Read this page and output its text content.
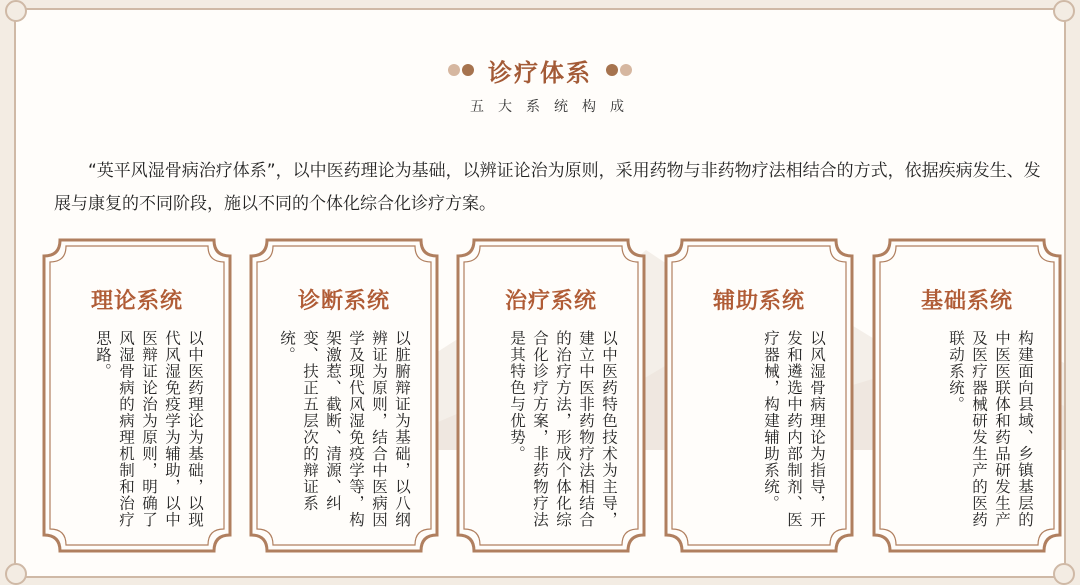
诊疗体系
五大系统构成
“英平风湿骨病治疗体系”，以中医药理论为基础，以辨证论治为原则，采用药物与非药物疗法相结合的方式，依据疾病发生、发展与康复的不同阶段，施以不同的个体化综合化诊疗方案。
理论系统
以中医药理论为基础，以现代风湿免疫学为辅助，以中医辩证论治为原则，明确了风湿骨病的病理机制和治疗思路。
诊断系统
以脏腑辩证为基础，以八纲辨证为原则，结合中医病因学及现代风湿免疫学等，构架激惹、截断、清源、纠变、扶正五层次的辩证系统。
治疗系统
以中医药特色技术为主导，建立中医非药物疗法相结合的治疗方法，形成个体化综合化诊疗方案，非药物疗法是其特色与优势。
辅助系统
以风湿骨病理论为指导，开发和遴选中药内部制剂、医疗器械，构建辅助系统。
基础系统
构建面向县域、乡镇基层的中医医联体和药品研发生产及医疗器械研发生产的医药联动系统。
